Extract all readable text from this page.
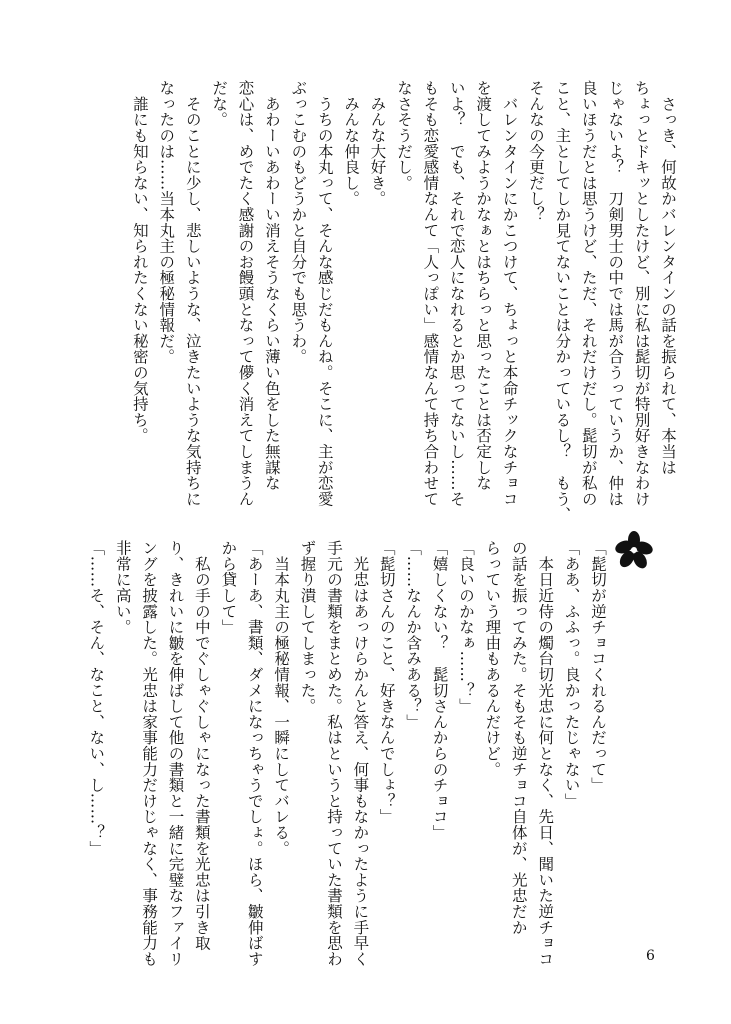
　さっき、何故かバレンタインの話を振られて、本当は
ちょっとドキッとしたけど、別に私は髭切が特別好きなわけ
じゃないよ？　刀剣男士の中では馬が合うっていうか、仲は
良いほうだとは思うけど、ただ、それだけだし。髭切が私の
こと、主としてしか見てないことは分かっているし？　もう、
そんなの今更だし？
　バレンタインにかこつけて、ちょっと本命チックなチョコ
を渡してみようかなぁとはちらっと思ったことは否定しな
いよ？　でも、それで恋人になれるとか思ってないし……そ
もそも恋愛感情なんて「人っぽい」感情なんて持ち合わせて
なさそうだし。
　みんな大好き。
　みんな仲良し。
　うちの本丸って、そんな感じだもんね。そこに、主が恋愛
ぶっこむのもどうかと自分でも思うわ。
　あわーいあわーい消えそうなくらい薄い色をした無謀な
恋心は、めでたく感謝のお饅頭となって儚く消えてしまうん
だな。
　そのことに少し、悲しいような、泣きたいような気持ちに
なったのは……当本丸主の極秘情報だ。
　誰にも知らない、知られたくない秘密の気持ち。
「髭切が逆チョコくれるんだって」
「ああ、ふふっ。良かったじゃない」
　本日近侍の燭台切光忠に何となく、先日、聞いた逆チョコ
の話を振ってみた。そもそも逆チョコ自体が、光忠だか
らっていう理由もあるんだけど。
「良いのかなぁ……？」
「嬉しくない？　髭切さんからのチョコ」
「……なんか含みある？」
「髭切さんのこと、好きなんでしょ？」
　光忠はあっけらかんと答え、何事もなかったように手早く
手元の書類をまとめた。私はというと持っていた書類を思わ
ず握り潰してしまった。
　当本丸主の極秘情報、一瞬にしてバレる。
「あーあ、書類、ダメになっちゃうでしょ。ほら、皺伸ばす
から貸して」
　私の手の中でぐしゃぐしゃになった書類を光忠は引き取
り、きれいに皺を伸ばして他の書類と一緒に完璧なファイリ
ングを披露した。光忠は家事能力だけじゃなく、事務能力も
非常に高い。
「……そ、そん、なこと、ない、し……？」
6
